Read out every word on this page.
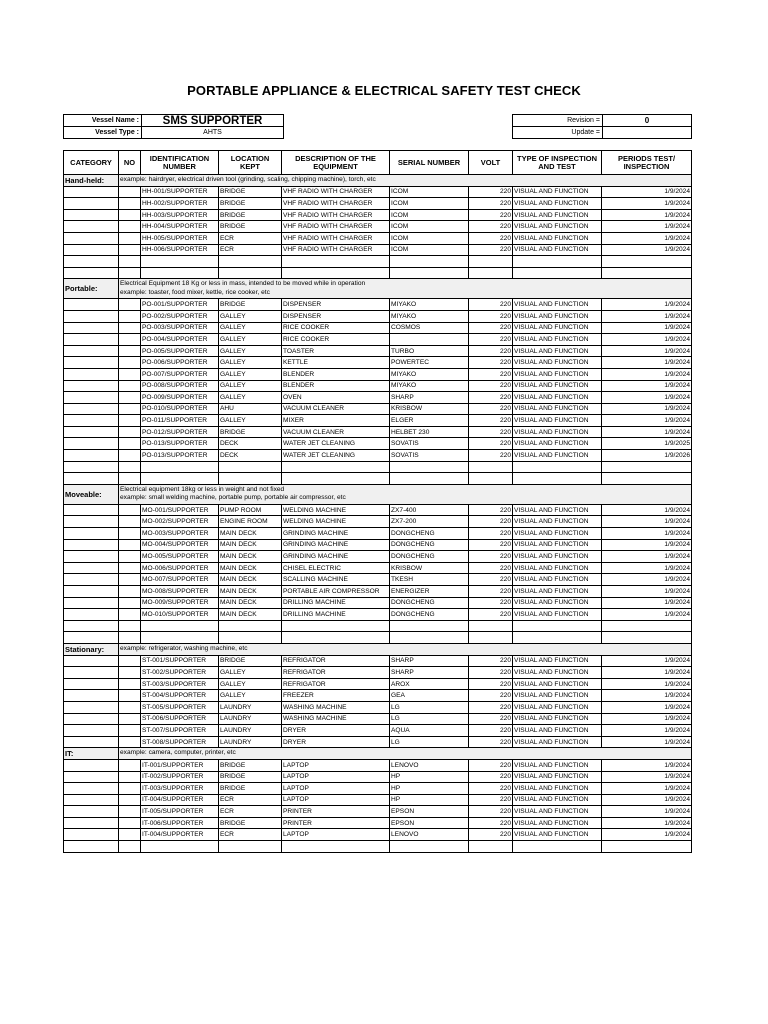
PORTABLE APPLIANCE & ELECTRICAL SAFETY TEST CHECK
Vessel Name :	SMS SUPPORTER
Vessel Type :	AHTS
Revision =	0
Update =	
CATEGORY	NO	IDENTIFICATION NUMBER	LOCATION KEPT	DESCRIPTION OF THE EQUIPMENT	SERIAL NUMBER	VOLT	TYPE OF INSPECTION AND TEST	PERIODS TEST/ INSPECTION
Hand-held:	example: hairdryer, electrical driven tool (grinding, scaling, chipping machine), torch, etc							
		HH-001/SUPPORTER	BRIDGE	VHF RADIO WITH CHARGER	ICOM	220	VISUAL AND FUNCTION	1/9/2024
		HH-002/SUPPORTER	BRIDGE	VHF RADIO WITH CHARGER	ICOM	220	VISUAL AND FUNCTION	1/9/2024
		HH-003/SUPPORTER	BRIDGE	VHF RADIO WITH CHARGER	ICOM	220	VISUAL AND FUNCTION	1/9/2024
		HH-004/SUPPORTER	BRIDGE	VHF RADIO WITH CHARGER	ICOM	220	VISUAL AND FUNCTION	1/9/2024
		HH-005/SUPPORTER	ECR	VHF RADIO WITH CHARGER	ICOM	220	VISUAL AND FUNCTION	1/9/2024
		HH-006/SUPPORTER	ECR	VHF RADIO WITH CHARGER	ICOM	220	VISUAL AND FUNCTION	1/9/2024

Portable:	Electrical Equipment 18 Kg or less in mass, intended to be moved while in operation
example: toaster, food mixer, kettle, rice cooker, etc							

		PO-001/SUPPORTER	BRIDGE	DISPENSER	MIYAKO	220	VISUAL AND FUNCTION	1/9/2024
		PO-002/SUPPORTER	GALLEY	DISPENSER	MIYAKO	220	VISUAL AND FUNCTION	1/9/2024
		PO-003/SUPPORTER	GALLEY	RICE COOKER	COSMOS	220	VISUAL AND FUNCTION	1/9/2024
		PO-004/SUPPORTER	GALLEY	RICE COOKER		220	VISUAL AND FUNCTION	1/9/2024
		PO-005/SUPPORTER	GALLEY	TOASTER	TURBO	220	VISUAL AND FUNCTION	1/9/2024
		PO-006/SUPPORTER	GALLEY	KETTLE	POWERTEC	220	VISUAL AND FUNCTION	1/9/2024
		PO-007/SUPPORTER	GALLEY	BLENDER	MIYAKO	220	VISUAL AND FUNCTION	1/9/2024
		PO-008/SUPPORTER	GALLEY	BLENDER	MIYAKO	220	VISUAL AND FUNCTION	1/9/2024
		PO-009/SUPPORTER	GALLEY	OVEN	SHARP	220	VISUAL AND FUNCTION	1/9/2024
		PO-010/SUPPORTER	AHU	VACUUM CLEANER	KRISBOW	220	VISUAL AND FUNCTION	1/9/2024
		PO-011/SUPPORTER	GALLEY	MIXER	ELGER	220	VISUAL AND FUNCTION	1/9/2024
		PO-012/SUPPORTER	BRIDGE	VACUUM CLEANER	HELBET 230	220	VISUAL AND FUNCTION	1/9/2024
		PO-013/SUPPORTER	DECK	WATER JET CLEANING	SOVATIS	220	VISUAL AND FUNCTION	1/9/2025
		PO-013/SUPPORTER	DECK	WATER JET CLEANING	SOVATIS	220	VISUAL AND FUNCTION	1/9/2026

Moveable:	Electrical equipment 18kg or less in weight and not fixed
example: small welding machine, portable pump, portable air compressor, etc							

		MO-001/SUPPORTER	PUMP ROOM	WELDING MACHINE	ZX7-400	220	VISUAL AND FUNCTION	1/9/2024
		MO-002/SUPPORTER	ENGINE ROOM	WELDING MACHINE	ZX7-200	220	VISUAL AND FUNCTION	1/9/2024
		MO-003/SUPPORTER	MAIN DECK	GRINDING MACHINE	DONGCHENG	220	VISUAL AND FUNCTION	1/9/2024
		MO-004/SUPPORTER	MAIN DECK	GRINDING MACHINE	DONGCHENG	220	VISUAL AND FUNCTION	1/9/2024
		MO-005/SUPPORTER	MAIN DECK	GRINDING MACHINE	DONGCHENG	220	VISUAL AND FUNCTION	1/9/2024
		MO-006/SUPPORTER	MAIN DECK	CHISEL ELECTRIC	KRISBOW	220	VISUAL AND FUNCTION	1/9/2024
		MO-007/SUPPORTER	MAIN DECK	SCALLING MACHINE	TKESH	220	VISUAL AND FUNCTION	1/9/2024
		MO-008/SUPPORTER	MAIN DECK	PORTABLE AIR COMPRESSOR	ENERGIZER	220	VISUAL AND FUNCTION	1/9/2024
		MO-009/SUPPORTER	MAIN DECK	DRILLING MACHINE	DONGCHENG	220	VISUAL AND FUNCTION	1/9/2024
		MO-010/SUPPORTER	MAIN DECK	DRILLING MACHINE	DONGCHENG	220	VISUAL AND FUNCTION	1/9/2024

Stationary:	example: refrigerator, washing machine, etc							
		ST-001/SUPPORTER	BRIDGE	REFRIGATOR	SHARP	220	VISUAL AND FUNCTION	1/9/2024
		ST-002/SUPPORTER	GALLEY	REFRIGATOR	SHARP	220	VISUAL AND FUNCTION	1/9/2024
		ST-003/SUPPORTER	GALLEY	REFRIGATOR	AROX	220	VISUAL AND FUNCTION	1/9/2024
		ST-004/SUPPORTER	GALLEY	FREEZER	GEA	220	VISUAL AND FUNCTION	1/9/2024
		ST-005/SUPPORTER	LAUNDRY	WASHING MACHINE	LG	220	VISUAL AND FUNCTION	1/9/2024
		ST-006/SUPPORTER	LAUNDRY	WASHING MACHINE	LG	220	VISUAL AND FUNCTION	1/9/2024
		ST-007/SUPPORTER	LAUNDRY	DRYER	AQUA	220	VISUAL AND FUNCTION	1/9/2024
		ST-008/SUPPORTER	LAUNDRY	DRYER	LG	220	VISUAL AND FUNCTION	1/9/2024
IT:	example: camera, computer, printer, etc							
		IT-001/SUPPORTER	BRIDGE	LAPTOP	LENOVO	220	VISUAL AND FUNCTION	1/9/2024
		IT-002/SUPPORTER	BRIDGE	LAPTOP	HP	220	VISUAL AND FUNCTION	1/9/2024
		IT-003/SUPPORTER	BRIDGE	LAPTOP	HP	220	VISUAL AND FUNCTION	1/9/2024
		IT-004/SUPPORTER	ECR	LAPTOP	HP	220	VISUAL AND FUNCTION	1/9/2024
		IT-005/SUPPORTER	ECR	PRINTER	EPSON	220	VISUAL AND FUNCTION	1/9/2024
		IT-006/SUPPORTER	BRIDGE	PRINTER	EPSON	220	VISUAL AND FUNCTION	1/9/2024
		IT-004/SUPPORTER	ECR	LAPTOP	LENOVO	220	VISUAL AND FUNCTION	1/9/2024
